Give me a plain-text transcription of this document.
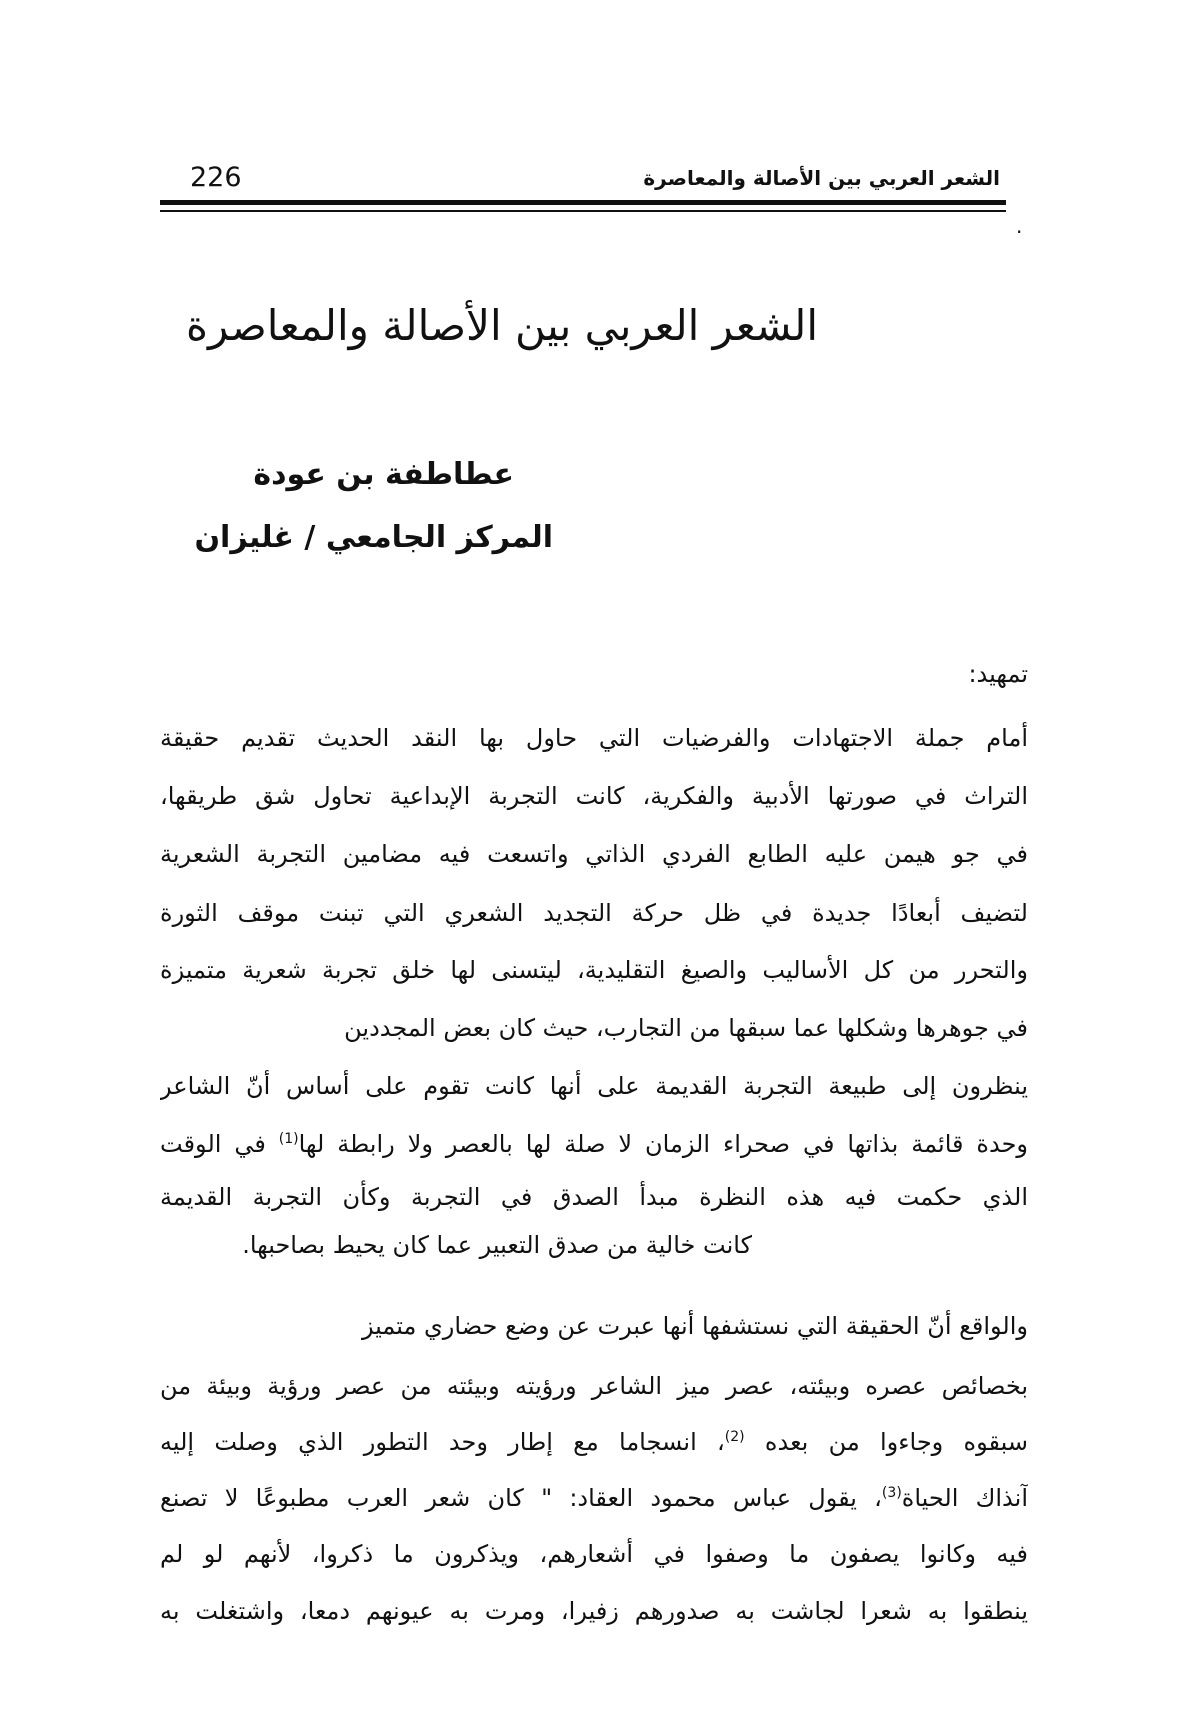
226	الشعر العربي بين الأصالة والمعاصرة
.
الشعر العربي بين الأصالة والمعاصرة
عطاطفة بن عودة
المركز الجامعي / غليزان
تمهيد:
أمام جملة الاجتهادات والفرضيات التي حاول بها النقد الحديث تقديم حقيقة
التراث في صورتها الأدبية والفكرية، كانت التجربة الإبداعية تحاول شق طريقها،
في جو هيمن عليه الطابع الفردي الذاتي واتسعت فيه مضامين التجربة الشعرية
لتضيف أبعادًا جديدة في ظل حركة التجديد الشعري التي تبنت موقف الثورة
والتحرر من كل الأساليب والصيغ التقليدية، ليتسنى لها خلق تجربة شعرية متميزة
في جوهرها وشكلها عما سبقها من التجارب، حيث كان بعض المجددين
ينظرون إلى طبيعة التجربة القديمة على أنها كانت تقوم على أساس أنّ الشاعر
وحدة قائمة بذاتها في صحراء الزمان لا صلة لها بالعصر ولا رابطة لها$^{(1)}$ في الوقت
الذي حكمت فيه هذه النظرة مبدأ الصدق في التجربة وكأن التجربة القديمة
كانت خالية من صدق التعبير عما كان يحيط بصاحبها.
والواقع أنّ الحقيقة التي نستشفها أنها عبرت عن وضع حضاري متميز
بخصائص عصره وبيئته، عصر ميز الشاعر ورؤيته وبيئته من عصر ورؤية وبيئة من
سبقوه وجاءوا من بعده $^{(2)}$، انسجاما مع إطار وحد التطور الذي وصلت إليه
آنذاك الحياة$^{(3)}$، يقول عباس محمود العقاد: " كان شعر العرب مطبوعًا لا تصنع
فيه وكانوا يصفون ما وصفوا في أشعارهم، ويذكرون ما ذكروا، لأنهم لو لم
ينطقوا به شعرا لجاشت به صدورهم زفيرا، ومرت به عيونهم دمعا، واشتغلت به
